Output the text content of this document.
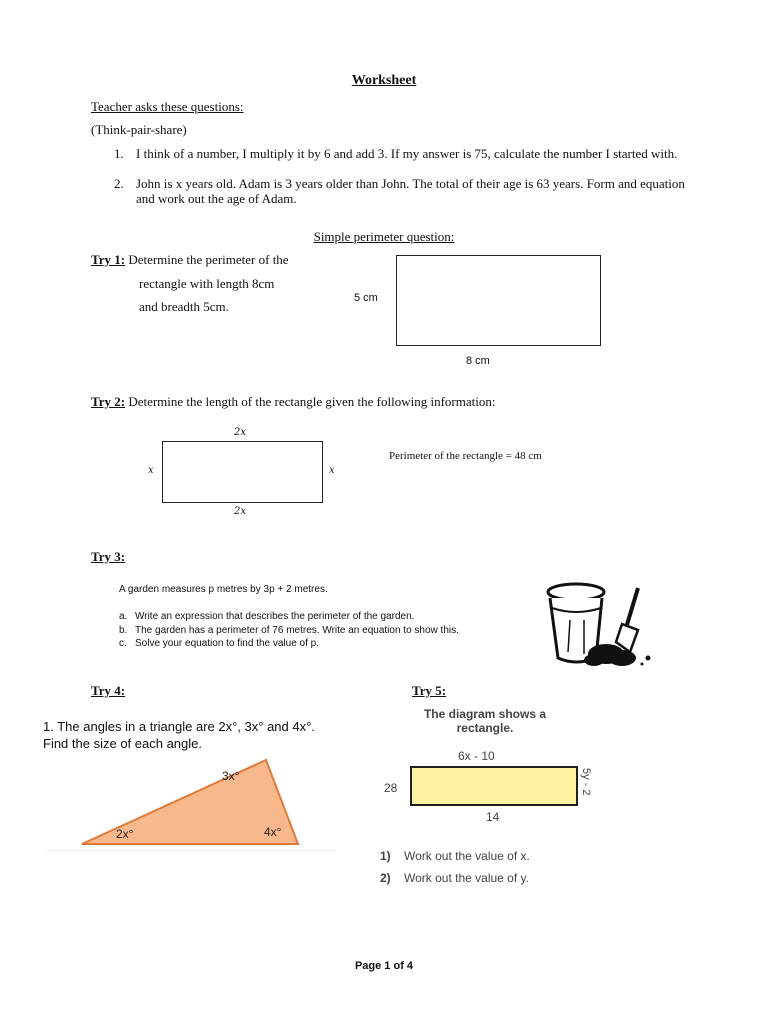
Worksheet
Teacher asks these questions:
(Think-pair-share)
1. I think of a number, I multiply it by 6 and add 3. If my answer is 75, calculate the number I started with.
2. John is x years old. Adam is 3 years older than John. The total of their age is 63 years. Form and equation and work out the age of Adam.
Simple perimeter question:
Try 1: Determine the perimeter of the
rectangle with length 8cm
and breadth 5cm.
5 cm
8 cm
Try 2: Determine the length of the rectangle given the following information:
2x
2x
x	x
Perimeter of the rectangle = 48 cm
Try 3:
A garden measures p metres by 3p + 2 metres.
a. Write an expression that describes the perimeter of the garden.
b. The garden has a perimeter of 76 metres. Write an equation to show this.
c. Solve your equation to find the value of p.
Try 4:
1. The angles in a triangle are 2x°, 3x° and 4x°. Find the size of each angle.
3x°
2x°	4x°
Try 5:
The diagram shows a
rectangle.
6x - 10
28	5y - 2
14
1) Work out the value of x.
2) Work out the value of y.
Page 1 of 4
